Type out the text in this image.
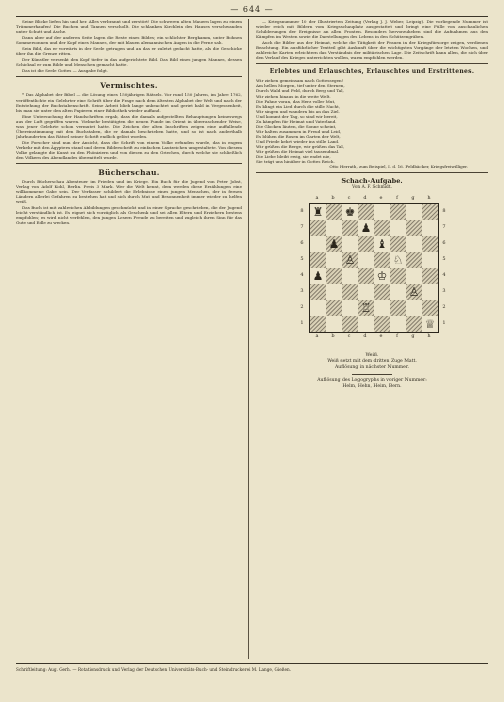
— 644 —

Seine Blicke liefen hin und her. Alles verbrannt und zerstört! Die schweren alten Mauern lagen zu einem Trümmerhaufen! Die Buchen und Tannen verschollt. Die schlanken Kirchlein des Hauses verschwanden unter Schutt und Asche.

Dann aber auf der anderen Seite lagen die Reste eines Bildes; ein schlichter Bergkamm, unter Bohnen Sommersonnen und der Kopf eines Mannes, der mit blauen alemannischen Augen in die Ferne sah.

Sein Bild, das er vorwärts in der Seele getragen und an das er zuletzt gedacht hatte, als die Geschicke über ihn die Grenze ritten.

Der Künstler versenkt den Kopf tiefer in das aufgerichtete Bild. Das Bild eines jungen Mannes, dessen Schicksal er zum Bilde und Menschen gemacht hatte.

Das ist die Seele Gottes — Ausgabe folgt.

Vermischtes.

* Das Alphabet der Bibel — die Lösung eines 150jährigen Rätsels. Vor rund 150 Jahren, im Jahre 1762, veröffentlichte ein Gelehrter eine Schrift über die Frage nach dem ältesten Alphabet der Welt und nach der Entstehung der Buchstabenschrift. Seine Arbeit blieb lange unbeachtet und geriet bald in Vergessenheit, bis man sie unter den alten Papieren einer Bibliothek wieder auffand.

Eine Untersuchung der Handschriften ergab, dass die damals aufgestellten Behauptungen keineswegs aus der Luft gegriffen waren. Vielmehr bestätigten die neuen Funde im Orient in überraschender Weise, was jener Gelehrte schon vermutet hatte. Die Zeichen der alten Inschriften zeigen eine auffallende Übereinstimmung mit den Buchstaben, die er damals beschrieben hatte, und so ist nach anderthalb Jahrhunderten das Rätsel seiner Schrift endlich gelöst worden.

Die Forscher sind nun der Ansicht, dass die Schrift von einem Volke erfunden wurde, das in engem Verkehr mit den Ägyptern stand und deren Bilderschrift zu einfachen Lautzeichen umgestaltete. Von diesem Volke gelangte die Kunst zu den Phöniziern und von diesen zu den Griechen, durch welche sie schließlich den Völkern des Abendlandes übermittelt wurde.

Bücherschau.

Durch Bücherschau Abenteuer im Frieden und im Kriege. Ein Buch für die Jugend von Peter Jobst, Verlag von Adolf Kohl, Berlin. Preis 3 Mark. Wer die Welt kennt, dem werden diese Erzählungen eine willkommene Gabe sein. Der Verfasser schildert die Erlebnisse eines jungen Menschen, der in fernen Ländern allerlei Gefahren zu bestehen hat und sich durch Mut und Besonnenheit immer wieder zu helfen weiß.

Das Buch ist mit zahlreichen Abbildungen geschmückt und in einer Sprache geschrieben, die der Jugend leicht verständlich ist. Es eignet sich vorzüglich als Geschenk und sei allen Eltern und Erziehern bestens empfohlen; es wird nicht verfehlen, den jungen Lesern Freude zu bereiten und zugleich ihren Sinn für das Gute und Edle zu wecken.

— Kriegsnummer 10 der Illustrierten Zeitung (Verlag J. J. Weber, Leipzig). Die vorliegende Nummer ist wieder reich mit Bildern vom Kriegsschauplatz ausgestattet und bringt eine Fülle von anschaulichen Schilderungen der Ereignisse an allen Fronten. Besonders hervorzuheben sind die Aufnahmen aus den Kämpfen im Westen sowie die Darstellungen des Lebens in den Schützengräben.

Auch die Bilder aus der Heimat, welche die Tätigkeit der Frauen in der Kriegsfürsorge zeigen, verdienen Beachtung. Ein ausführlicher Textteil gibt Auskunft über die wichtigsten Vorgänge der letzten Wochen, und zahlreiche Karten erleichtern das Verständnis der militärischen Lage. Die Zeitschrift kann allen, die sich über den Verlauf des Krieges unterrichten wollen, warm empfohlen werden.

Erlebtes und Erlauschtes, Erlauschtes und Erstrittenes.
Wir ziehen gemeinsam nach Gottessegen!
Am hellen Morgen, tief unter den Sternen,
Durch Wald und Feld, durch Berg und Tal,
Wir ziehen hinaus in die weite Welt.
Die Fahne voran, das Herz voller Mut,
Es klingt ein Lied durch die stille Nacht,
Wir singen und wandern bis an das Ziel.
Und kommt der Tag, so sind wir bereit,
Zu kämpfen für Heimat und Vaterland.
Die Glocken läuten, die Sonne scheint,
Wir halten zusammen in Freud und Leid,
Es blühen die Rosen im Garten der Welt,
Und Friede kehrt wieder ins stille Land.
Wir grüßen die Berge, wir grüßen das Tal,
Wir grüßen die Heimat viel tausendmal.
Die Liebe bleibt ewig, sie endet nie,
Sie trägt uns hinüber in Gottes Reich.
Otto Herrath, zum Beispiel, I. d. 16. Feldbäcker, Kriegsfreiwilliger.
Schach-Aufgabe.
Von A. F. Schmidt.
a	b	c	d	e	f	g	h
8
7
6
5
4
3
2
1
♜ ♚
♟
♟	♝
♙	♘
♟	♔
♙
♖
♕
8
7
6
5
4
3
2
1
a	b	c	d	e	f	g	h
Weiß.
Weiß setzt mit dem dritten Zuge Matt.
Auflösung in nächster Nummer.
Auflösung des Logogryphs in voriger Nummer:
Helm, Hehn, Heim, Bern.
Schriftleitung: Aug. Gerh. — Rotationsdruck und Verlag der Deutschen Universitäts-Buch- und Steindruckerei M. Lange, Gießen.
